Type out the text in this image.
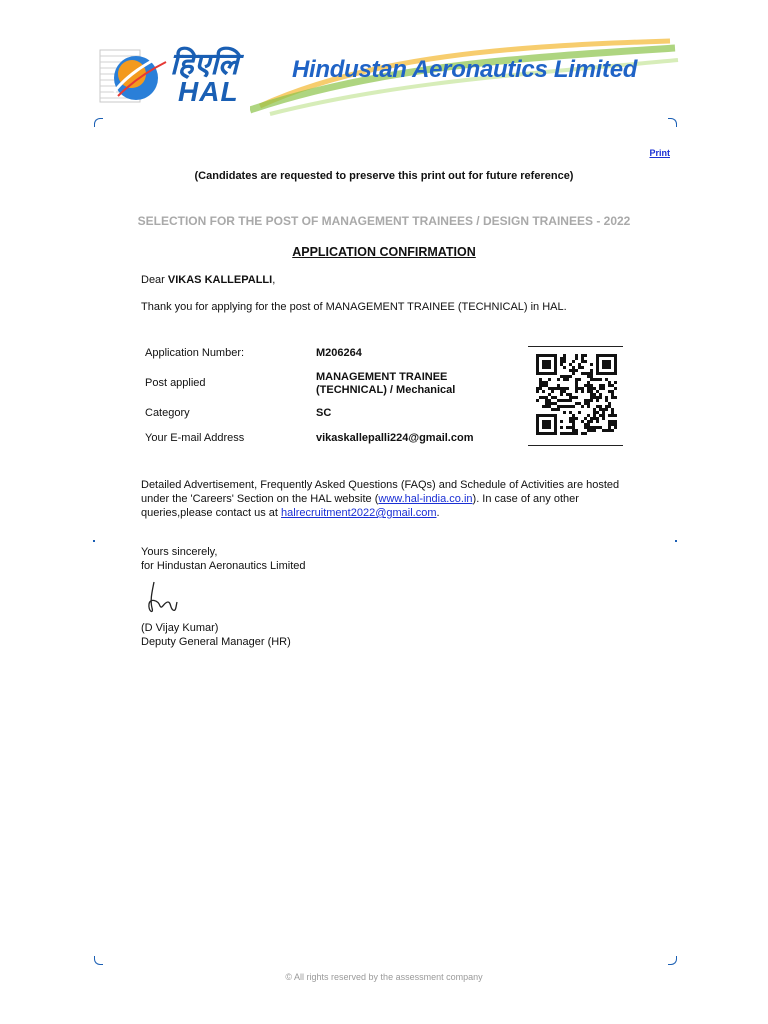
हिएलि
HAL
Hindustan Aeronautics Limited
Print
(Candidates are requested to preserve this print out for future reference)
SELECTION FOR THE POST OF MANAGEMENT TRAINEES / DESIGN TRAINEES - 2022
APPLICATION CONFIRMATION
Dear VIKAS KALLEPALLI,
Thank you for applying for the post of MANAGEMENT TRAINEE (TECHNICAL) in HAL.
Application Number:	M206264
Post applied	MANAGEMENT TRAINEE (TECHNICAL) / Mechanical
Category	SC
Your E-mail Address	vikaskallepalli224@gmail.com
Detailed Advertisement, Frequently Asked Questions (FAQs) and Schedule of Activities are hosted under the 'Careers' Section on the HAL website (www.hal-india.co.in). In case of any other queries,please contact us at halrecruitment2022@gmail.com.
Yours sincerely,
for Hindustan Aeronautics Limited
(D Vijay Kumar)
Deputy General Manager (HR)
© All rights reserved by the assessment company
